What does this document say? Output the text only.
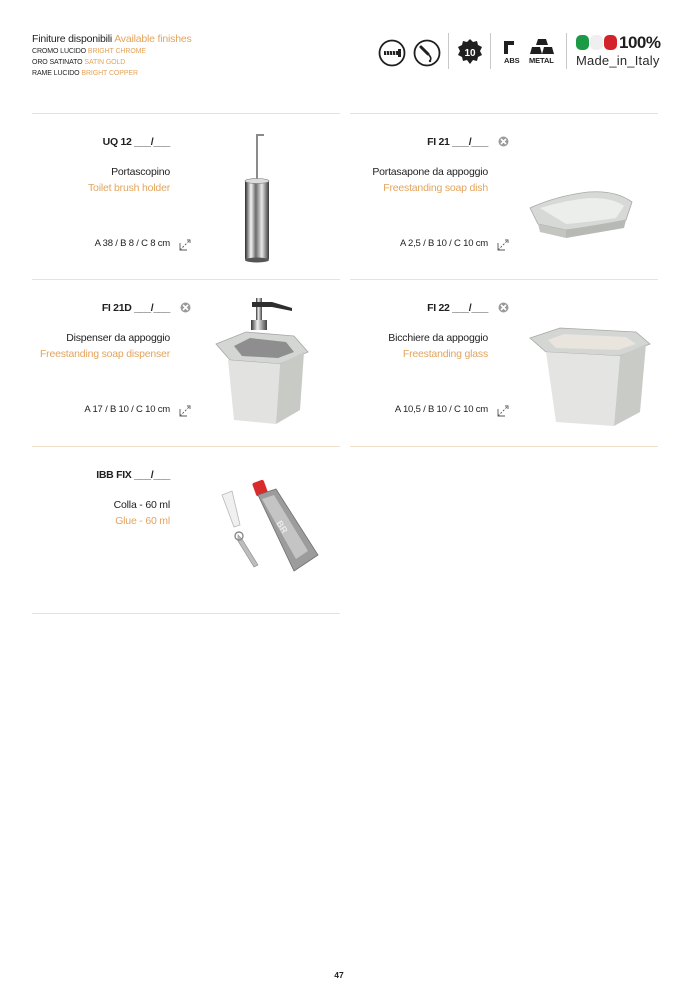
Finiture disponibili Available finishes
CROMO LUCIDO BRIGHT CHROME
ORO SATINATO SATIN GOLD
RAME LUCIDO BRIGHT COPPER
10
ABS METAL
100%
Made_in_Italy
UQ 12 ___/___
Portascopino
Toilet brush holder
A 38 / B 8 / C 8 cm
FI 21 ___/___
Portasapone da appoggio
Freestanding soap dish
A 2,5 / B 10 / C 10 cm
FI 21D ___/___
Dispenser da appoggio
Freestanding soap dispenser
A 17 / B 10 / C 10 cm
FI 22 ___/___
Bicchiere da appoggio
Freestanding glass
A 10,5 / B 10 / C 10 cm
IBB FIX ___/___
Colla - 60 ml
Glue - 60 ml	BR
47
